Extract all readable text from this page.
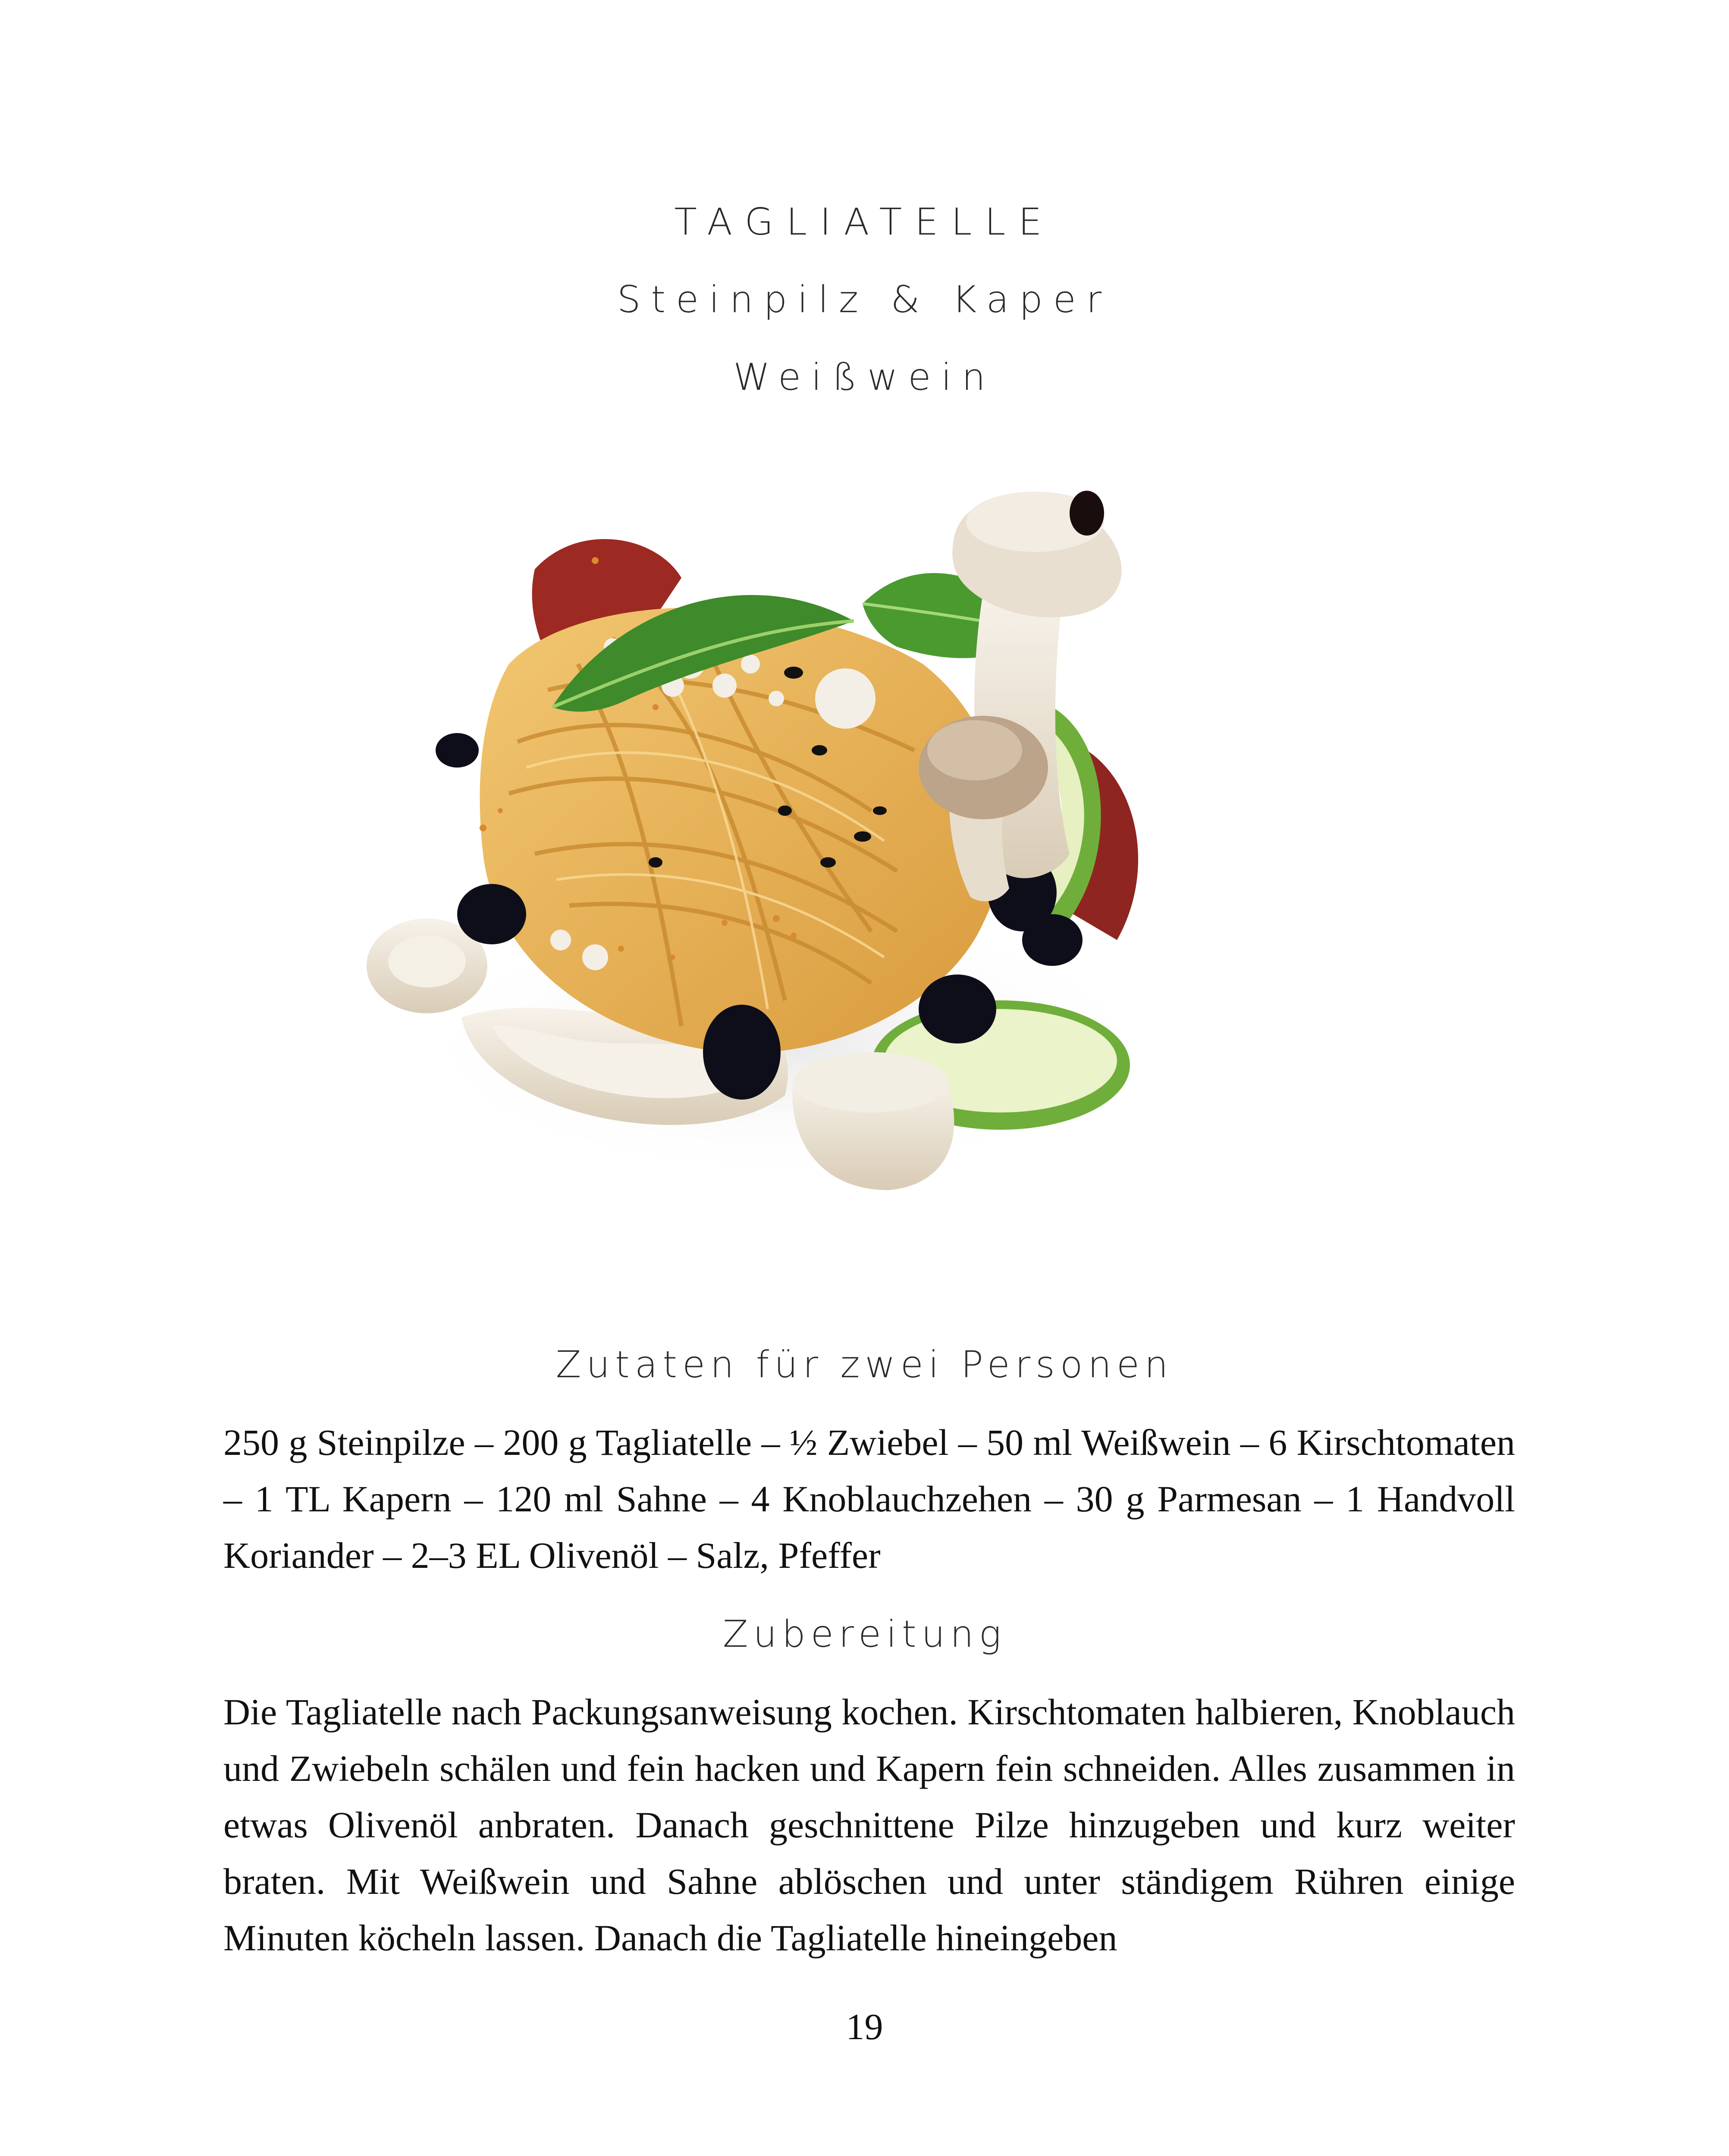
TAGLIATELLE
Steinpilz & Kaper
Weißwein
Zutaten für zwei Personen
250 g Steinpilze – 200 g Tagliatelle – ½ Zwiebel – 50 ml Weißwein – 6 Kirschtomaten – 1 TL Kapern – 120 ml Sahne – 4 Knoblauchzehen – 30 g Parmesan – 1 Handvoll Koriander – 2–3 EL Olivenöl – Salz, Pfeffer
Zubereitung
Die Tagliatelle nach Packungsanweisung kochen. Kirschtomaten halbieren, Knoblauch und Zwiebeln schälen und fein hacken und Kapern fein schneiden. Alles zusammen in etwas Olivenöl anbraten. Danach geschnittene Pilze hinzugeben und kurz weiter braten. Mit Weißwein und Sahne ablöschen und unter ständigem Rühren einige Minuten köcheln lassen. Danach die Tagliatelle hineingeben
19
